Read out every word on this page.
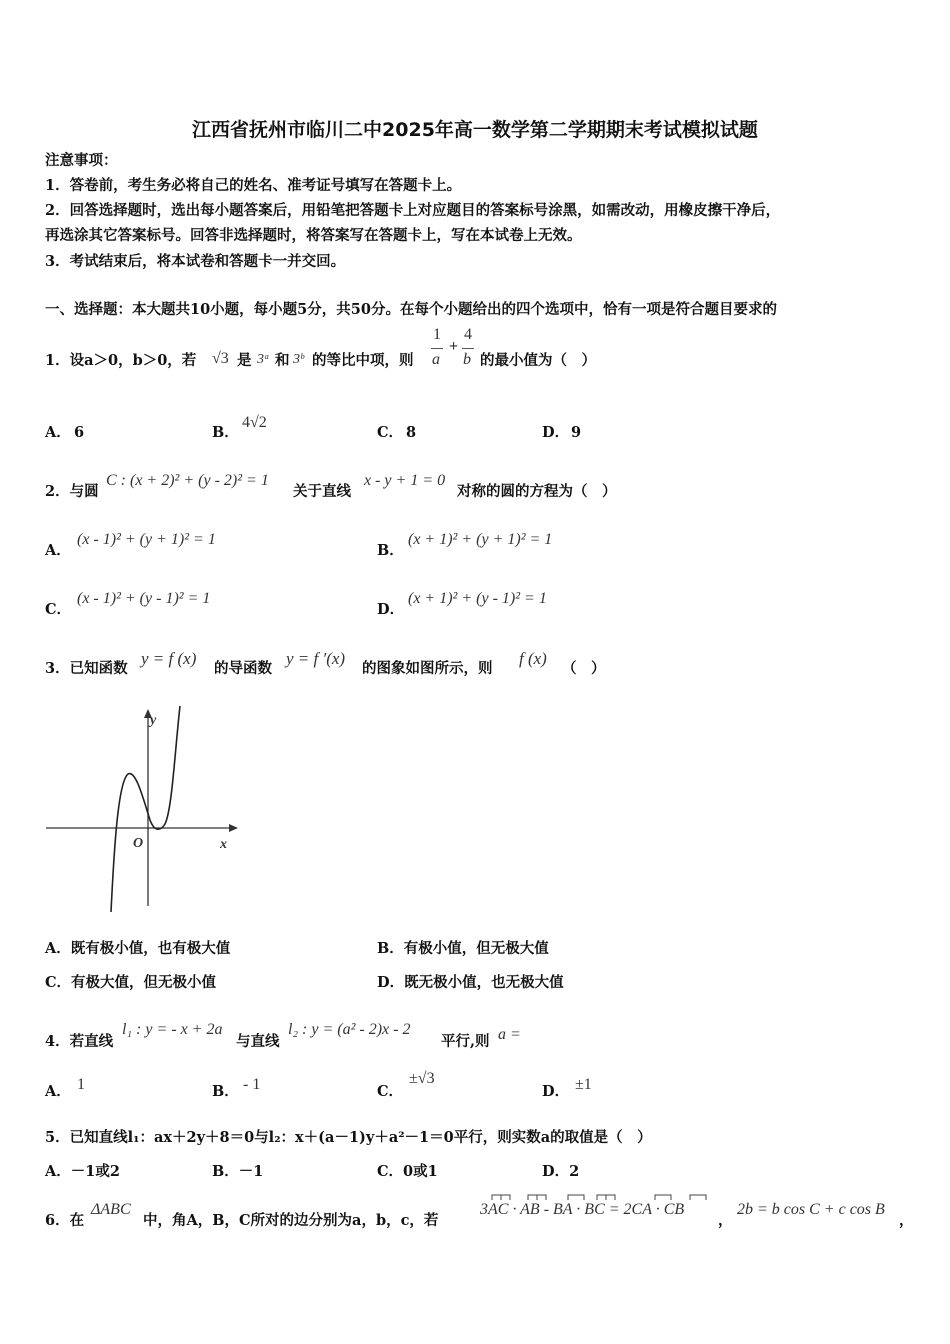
江西省抚州市临川二中2025年高一数学第二学期期末考试模拟试题
注意事项：
1．答卷前，考生务必将自己的姓名、准考证号填写在答题卡上。
2．回答选择题时，选出每小题答案后，用铅笔把答题卡上对应题目的答案标号涂黑，如需改动，用橡皮擦干净后，
再选涂其它答案标号。回答非选择题时，将答案写在答题卡上，写在本试卷上无效。
3．考试结束后，将本试卷和答题卡一并交回。
一、选择题：本大题共10小题，每小题5分，共50分。在每个小题给出的四个选项中，恰有一项是符合题目要求的
1．设a＞0，b＞0，若 √3 是 3ᵃ 和 3ᵇ 的等比中项，则
1
a
+
4
b 的最小值为（　）
A． 6	B．
4√2
C． 8	D． 9
2．与圆
C : (x + 2)² + (y - 2)² = 1
关于直线
x - y + 1 = 0
对称的圆的方程为（　）
A．
(x - 1)² + (y + 1)² = 1
B．
(x + 1)² + (y + 1)² = 1
C．
(x - 1)² + (y - 1)² = 1
D．
(x + 1)² + (y - 1)² = 1
3．已知函数
y = f (x)
的导函数
y = f ′(x)
的图象如图所示，则
f (x)
（　）
y
x
O
A．既有极小值，也有极大值	B．有极小值，但无极大值
C．有极大值，但无极小值	D．既无极小值，也无极大值
4．若直线
l₁ : y = - x + 2a
与直线
l₂ : y = (a² - 2)x - 2
平行,则 a =
A． 1	B． - 1	C．
±√3
D． ±1
5．已知直线l₁：ax＋2y＋8＝0与l₂：x＋(a－1)y＋a²－1＝0平行，则实数a的取值是（　）
A．－1或2	B．－1	C．0或1	D．2
6．在
ΔABC
中，角A，B，C所对的边分别为a，b，c，若
3AC · AB - BA · BC = 2CA · CB
，
2b = b cos C + c cos B
，
